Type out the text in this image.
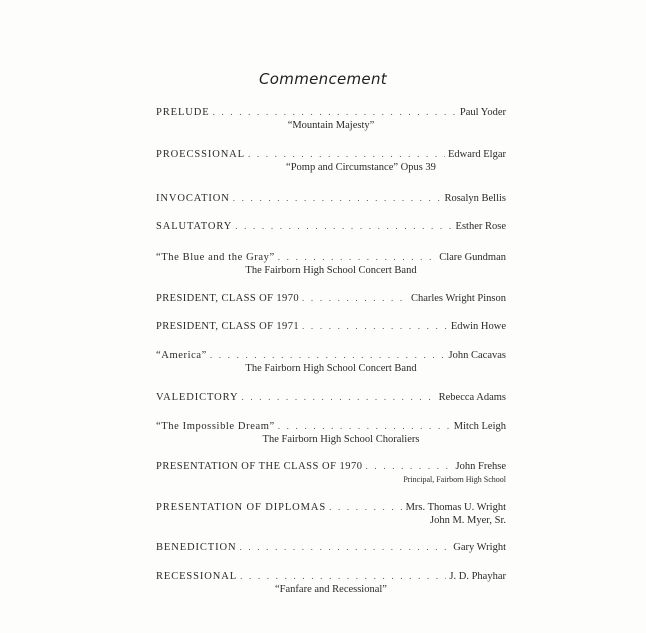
Commencement
PRELUDE . . .	Paul Yoder
“Mountain Majesty”
PROECSSIONAL . . .	Edward Elgar
“Pomp and Circumstance” Opus 39
INVOCATION . . .	Rosalyn Bellis
SALUTATORY . . .	Esther Rose
“The Blue and the Gray” . . .	Clare Gundman
The Fairborn High School Concert Band
PRESIDENT, CLASS OF 1970 . . .	Charles Wright Pinson
PRESIDENT, CLASS OF 1971 . . .	Edwin Howe
“America” . . .	John Cacavas
The Fairborn High School Concert Band
VALEDICTORY . . .	Rebecca Adams
“The Impossible Dream” . . .	Mitch Leigh
The Fairborn High School Choraliers
PRESENTATION OF THE CLASS OF 1970 . . .	John Frehse
Principal, Fairborn High School
PRESENTATION OF DIPLOMAS . . .	Mrs. Thomas U. Wright
John M. Myer, Sr.
BENEDICTION . . .	Gary Wright
RECESSIONAL . . .	J. D. Phayhar
“Fanfare and Recessional”
